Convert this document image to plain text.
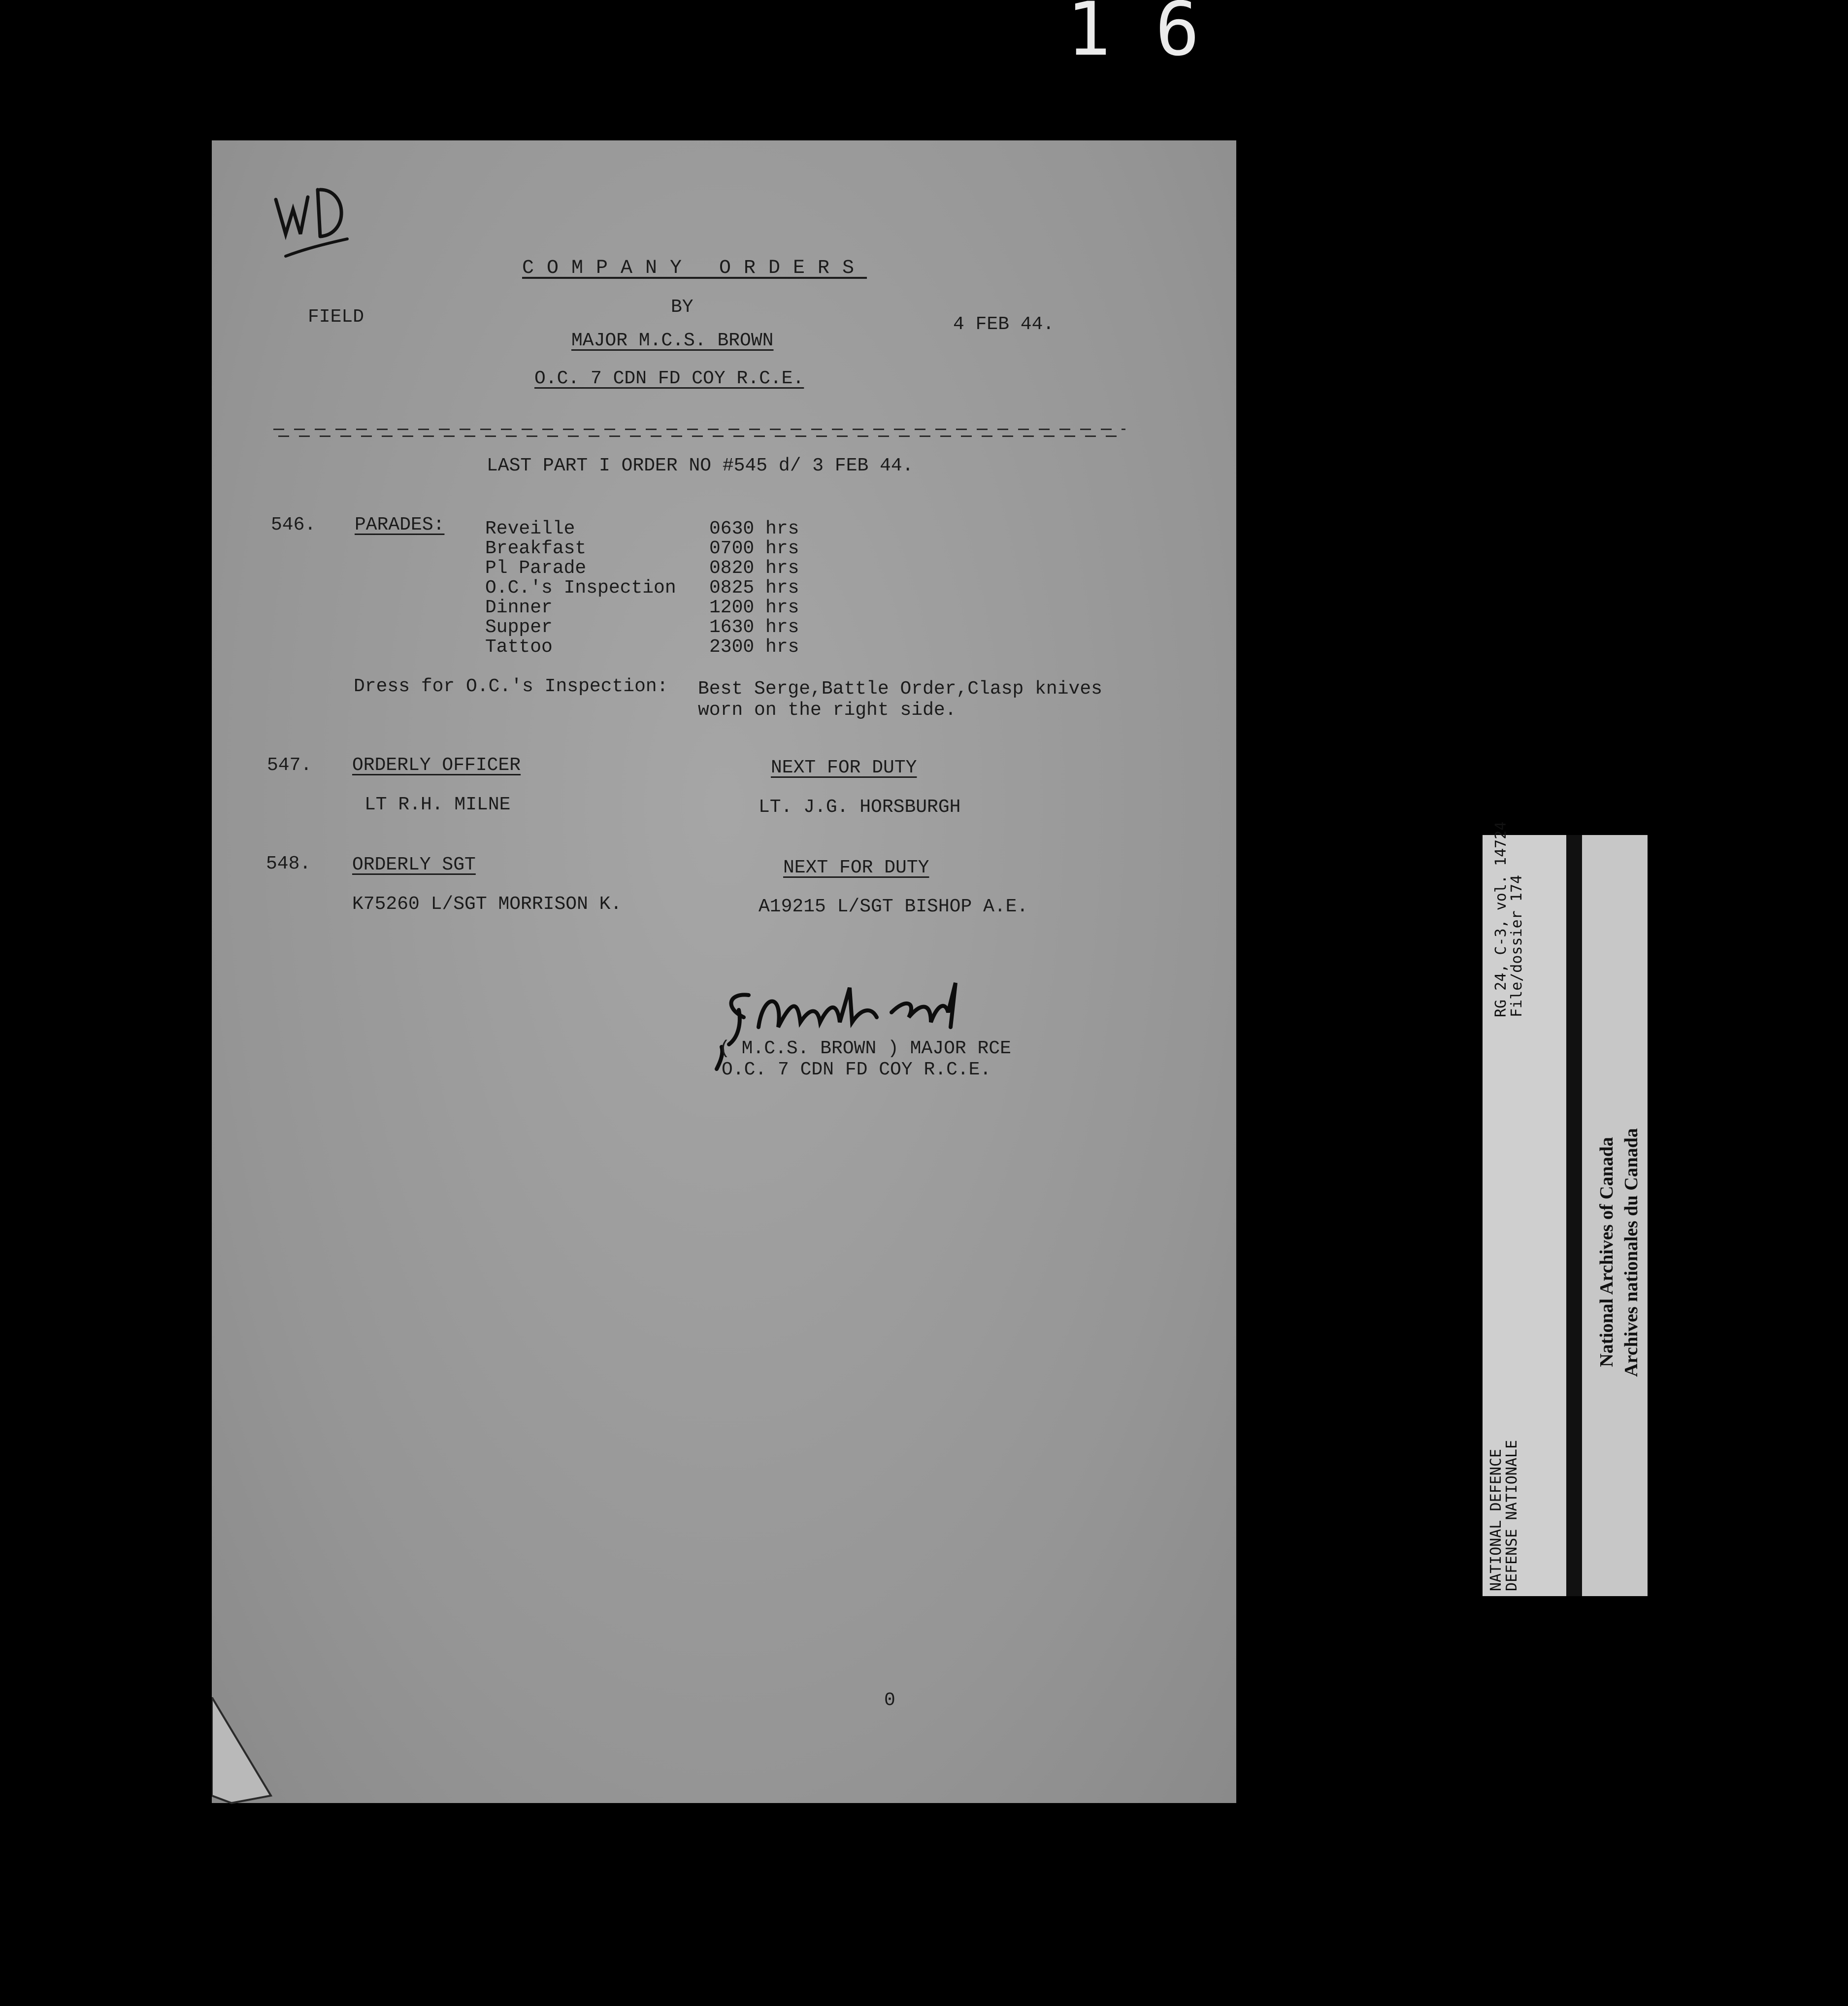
16
COMPANY ORDERS
BY
FIELD	4 FEB 44.
MAJOR M.C.S. BROWN
O.C. 7 CDN FD COY R.C.E.
LAST PART I ORDER NO #545 d/ 3 FEB 44.
546. PARADES: Reveille	0630 hrs
Breakfast	0700 hrs
Pl Parade	0820 hrs
O.C.'s Inspection 0825 hrs
Dinner	1200 hrs
Supper	1630 hrs
Tattoo	2300 hrs
Dress for O.C.'s Inspection: Best Serge,Battle Order,Clasp knives
worn on the right side.
547. ORDERLY OFFICER	NEXT FOR DUTY
LT R.H. MILNE	LT. J.G. HORSBURGH
548. ORDERLY SGT	NEXT FOR DUTY
K75260 L/SGT MORRISON K.	A19215 L/SGT BISHOP A.E.
( M.C.S. BROWN ) MAJOR RCE
O.C. 7 CDN FD COY R.C.E.
0
RG 24, C-3, vol. 14724
File/dossier 174
NATIONAL DEFENCE
DEFENSE NATIONALE
National Archives of Canada Archives nationales du Canada
